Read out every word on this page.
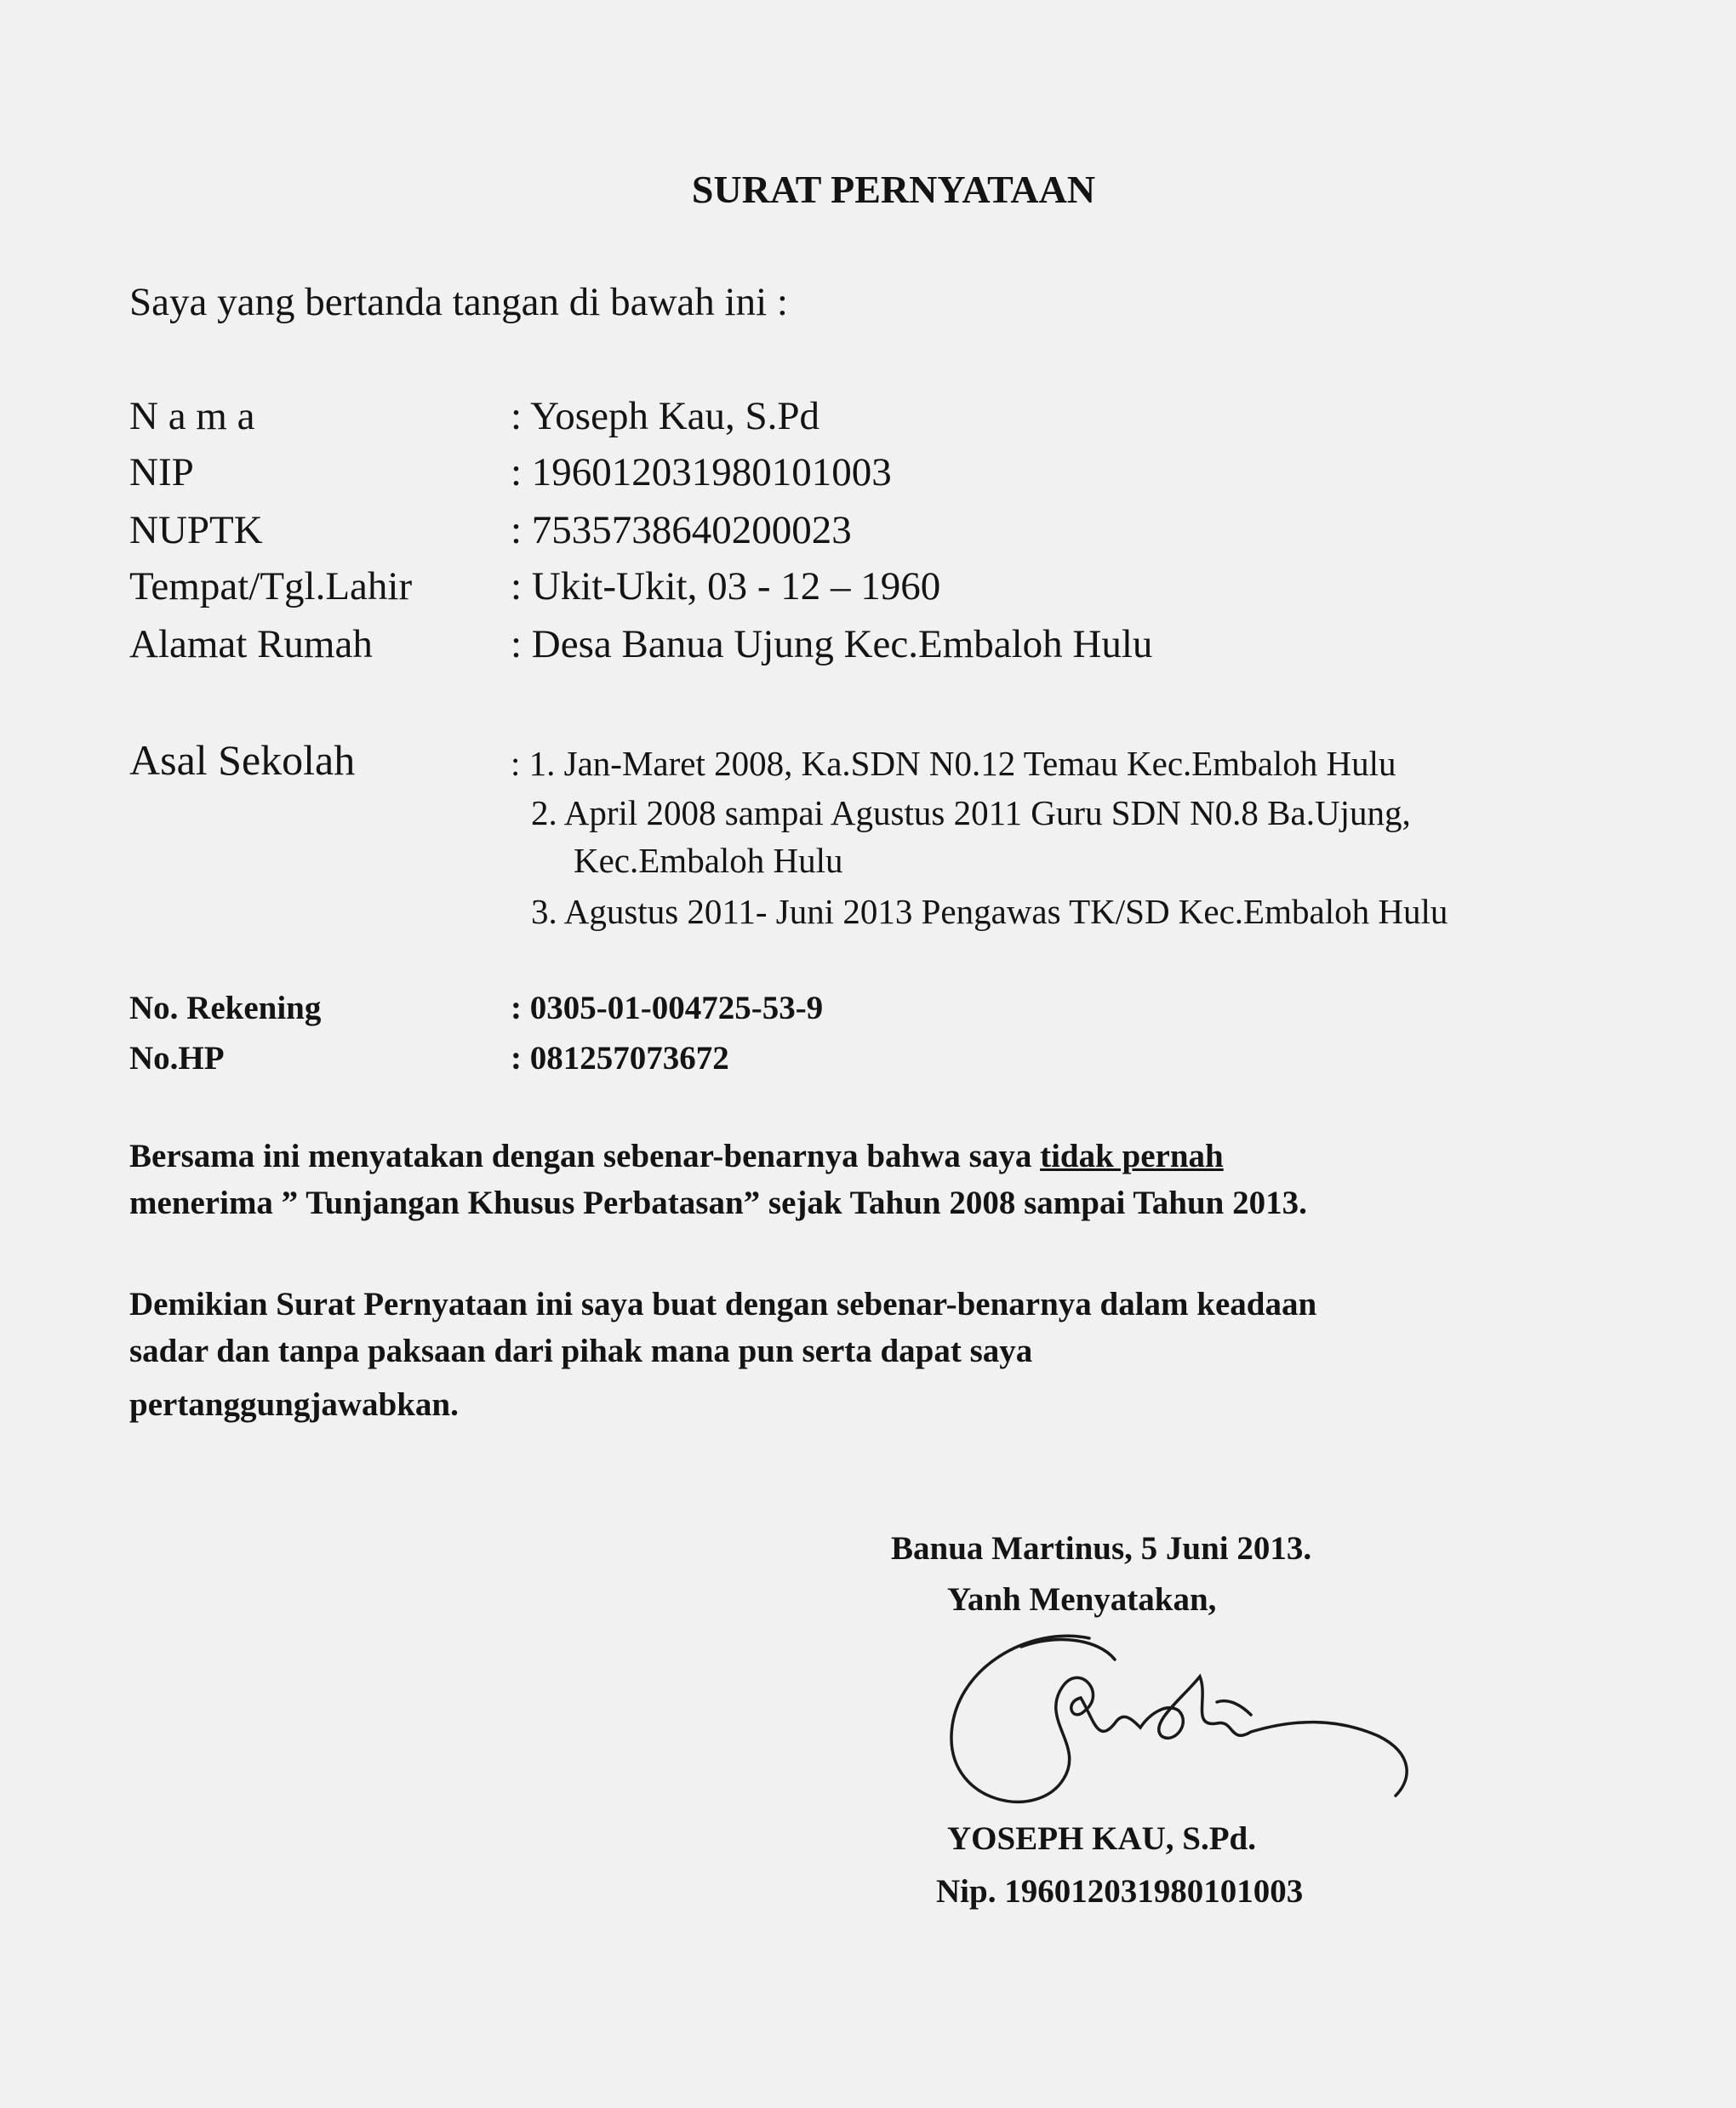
SURAT PERNYATAAN
Saya yang bertanda tangan di bawah ini :
N a m a	: Yoseph Kau, S.Pd
NIP	: 196012031980101003
NUPTK	: 7535738640200023
Tempat/Tgl.Lahir : Ukit-Ukit, 03 - 12 – 1960
Alamat Rumah	: Desa Banua Ujung Kec.Embaloh Hulu
Asal Sekolah	: 1. Jan-Maret 2008, Ka.SDN N0.12 Temau Kec.Embaloh Hulu
2. April 2008 sampai Agustus 2011 Guru SDN N0.8 Ba.Ujung,
Kec.Embaloh Hulu
3. Agustus 2011- Juni 2013 Pengawas TK/SD Kec.Embaloh Hulu
No. Rekening	: 0305-01-004725-53-9
No.HP	: 081257073672
Bersama ini menyatakan dengan sebenar-benarnya bahwa saya tidak pernah
menerima ” Tunjangan Khusus Perbatasan” sejak Tahun 2008 sampai Tahun 2013.
Demikian Surat Pernyataan ini saya buat dengan sebenar-benarnya dalam keadaan
sadar dan tanpa paksaan dari pihak mana pun serta dapat saya
pertanggungjawabkan.
Banua Martinus, 5 Juni 2013.
Yanh Menyatakan,
YOSEPH KAU, S.Pd.
Nip. 196012031980101003
